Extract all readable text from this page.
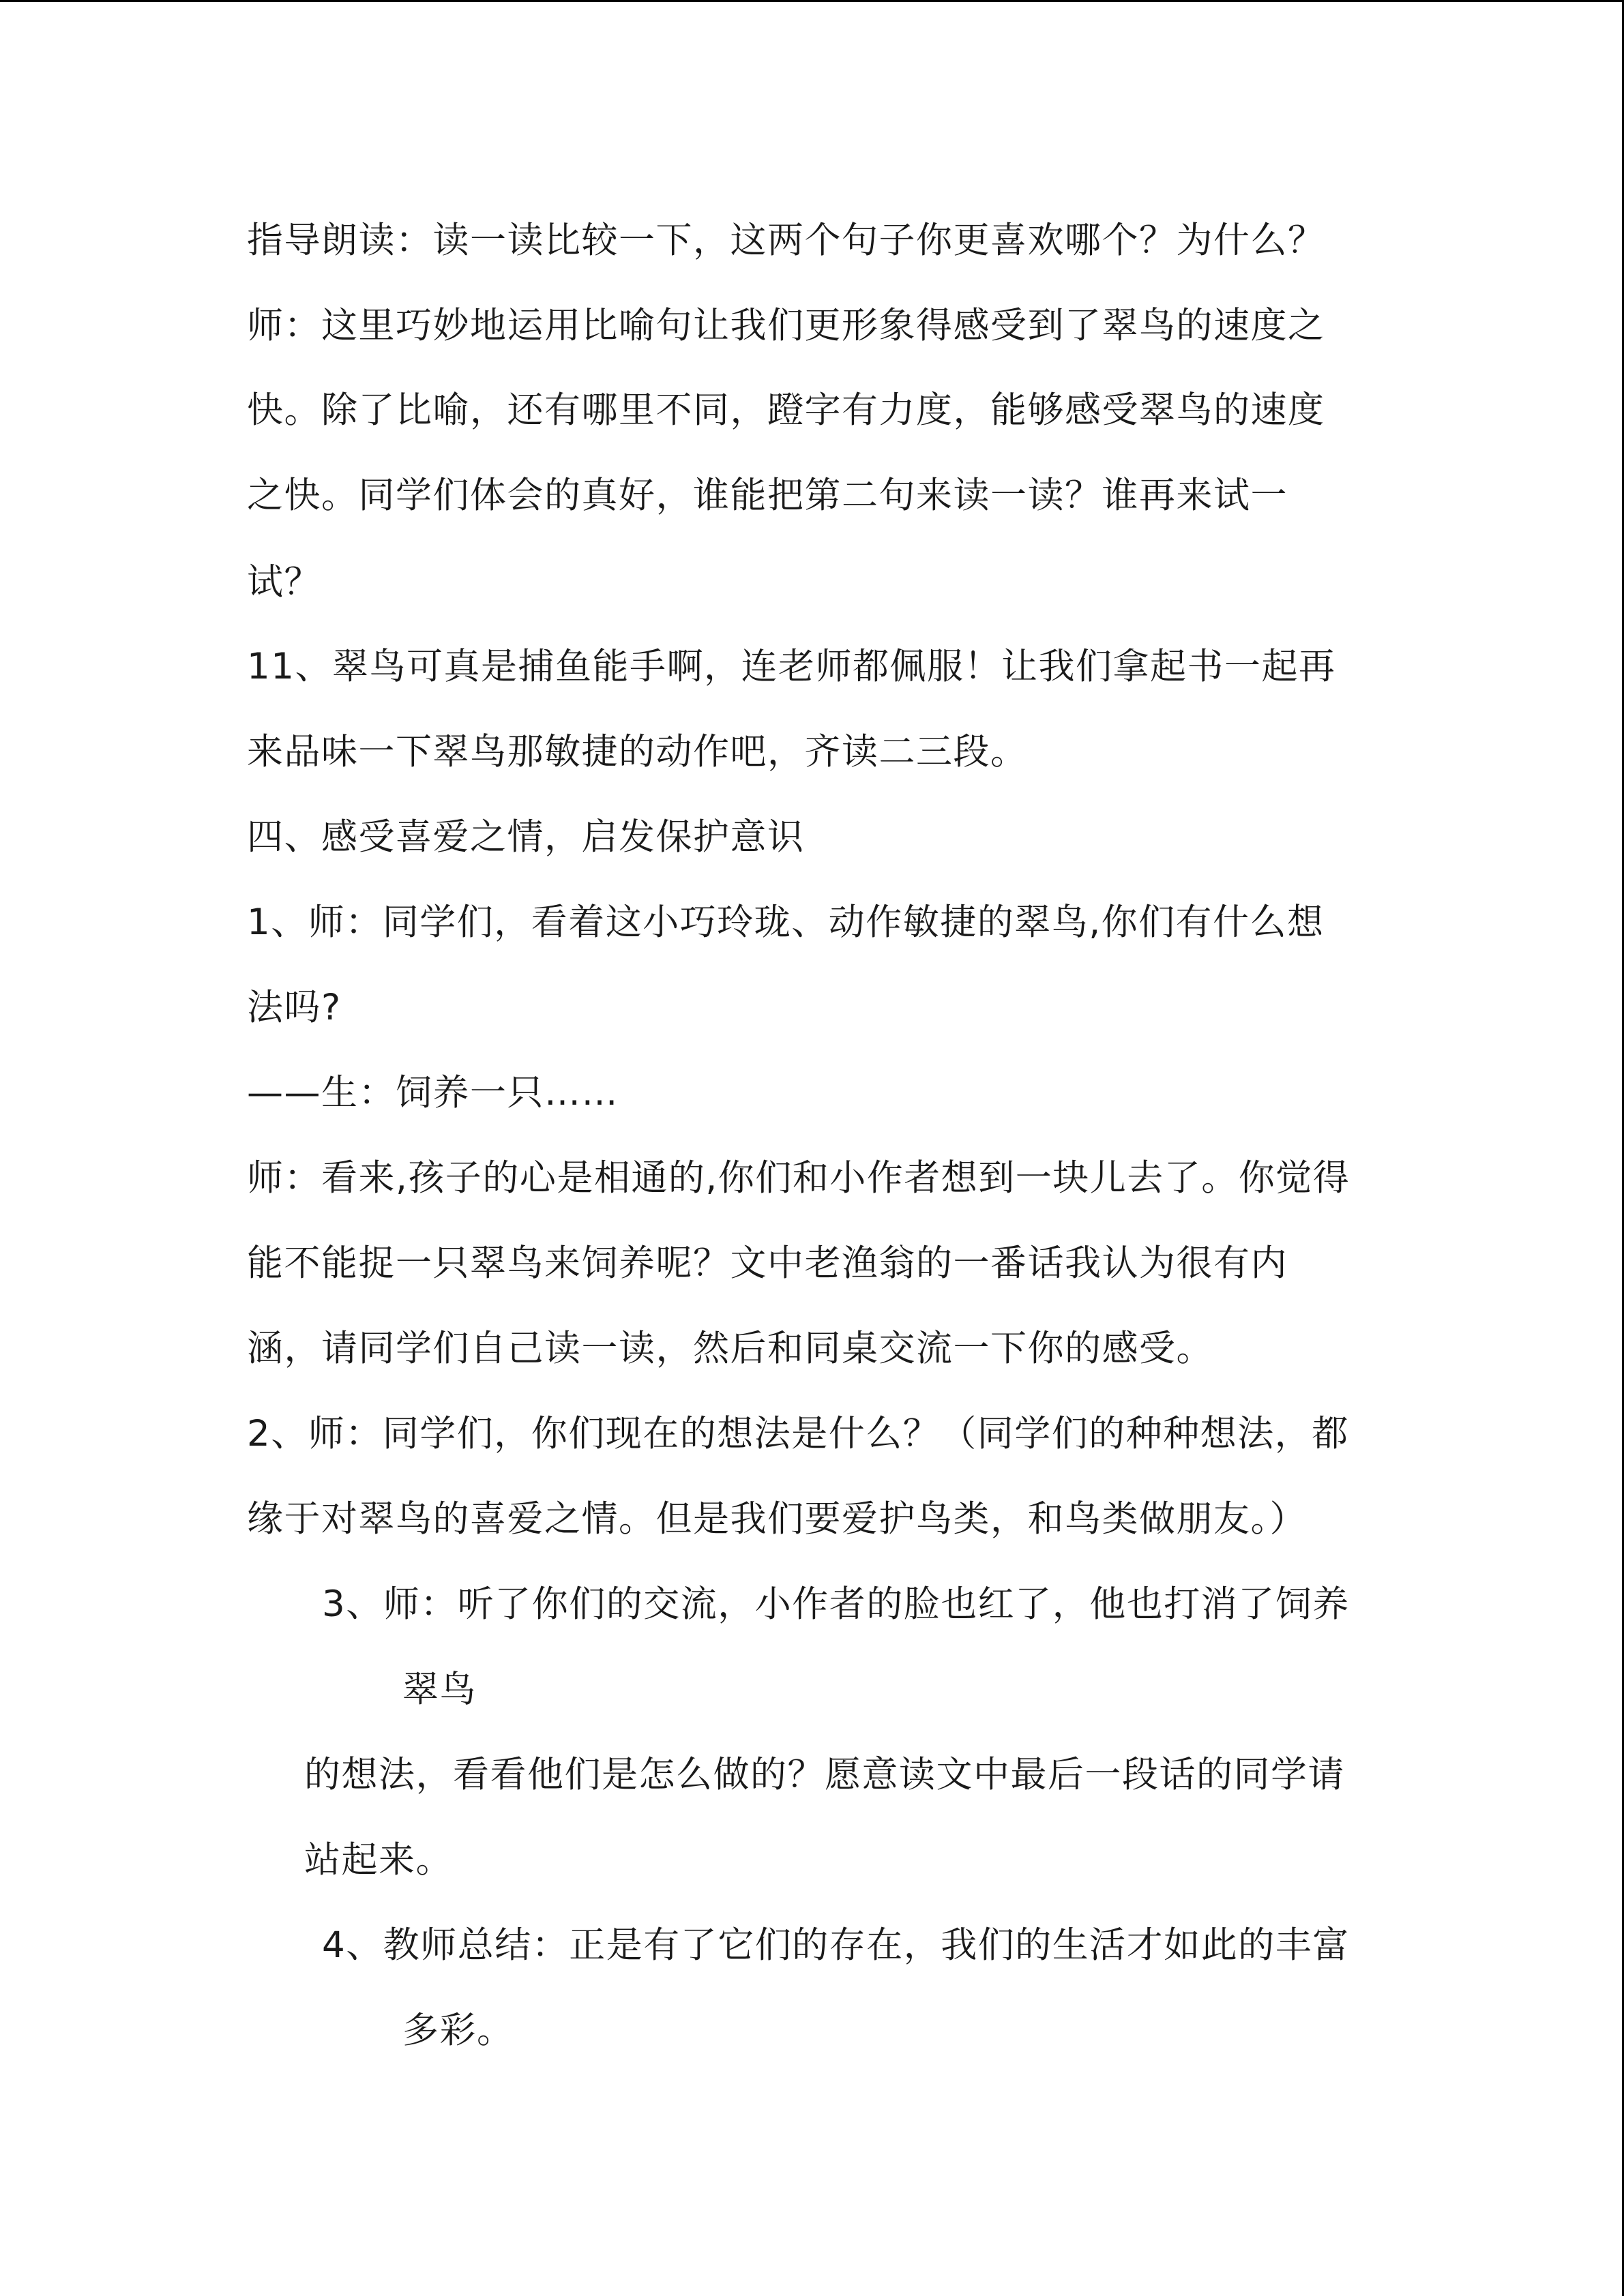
指导朗读：读一读比较一下，这两个句子你更喜欢哪个？为什么？
师：这里巧妙地运用比喻句让我们更形象得感受到了翠鸟的速度之
快。除了比喻，还有哪里不同，蹬字有力度，能够感受翠鸟的速度
之快。同学们体会的真好，谁能把第二句来读一读？谁再来试一
试？
11、翠鸟可真是捕鱼能手啊，连老师都佩服！让我们拿起书一起再
来品味一下翠鸟那敏捷的动作吧，齐读二三段。
四、感受喜爱之情，启发保护意识
1、师：同学们，看着这小巧玲珑、动作敏捷的翠鸟,你们有什么想
法吗?
——生：饲养一只……
师：看来,孩子的心是相通的,你们和小作者想到一块儿去了。你觉得
能不能捉一只翠鸟来饲养呢？文中老渔翁的一番话我认为很有内
涵，请同学们自己读一读，然后和同桌交流一下你的感受。
2、师：同学们，你们现在的想法是什么？（同学们的种种想法，都
缘于对翠鸟的喜爱之情。但是我们要爱护鸟类，和鸟类做朋友。）
3、师：听了你们的交流，小作者的脸也红了，他也打消了饲养
翠鸟
的想法，看看他们是怎么做的？愿意读文中最后一段话的同学请
站起来。
4、教师总结：正是有了它们的存在，我们的生活才如此的丰富
多彩。
